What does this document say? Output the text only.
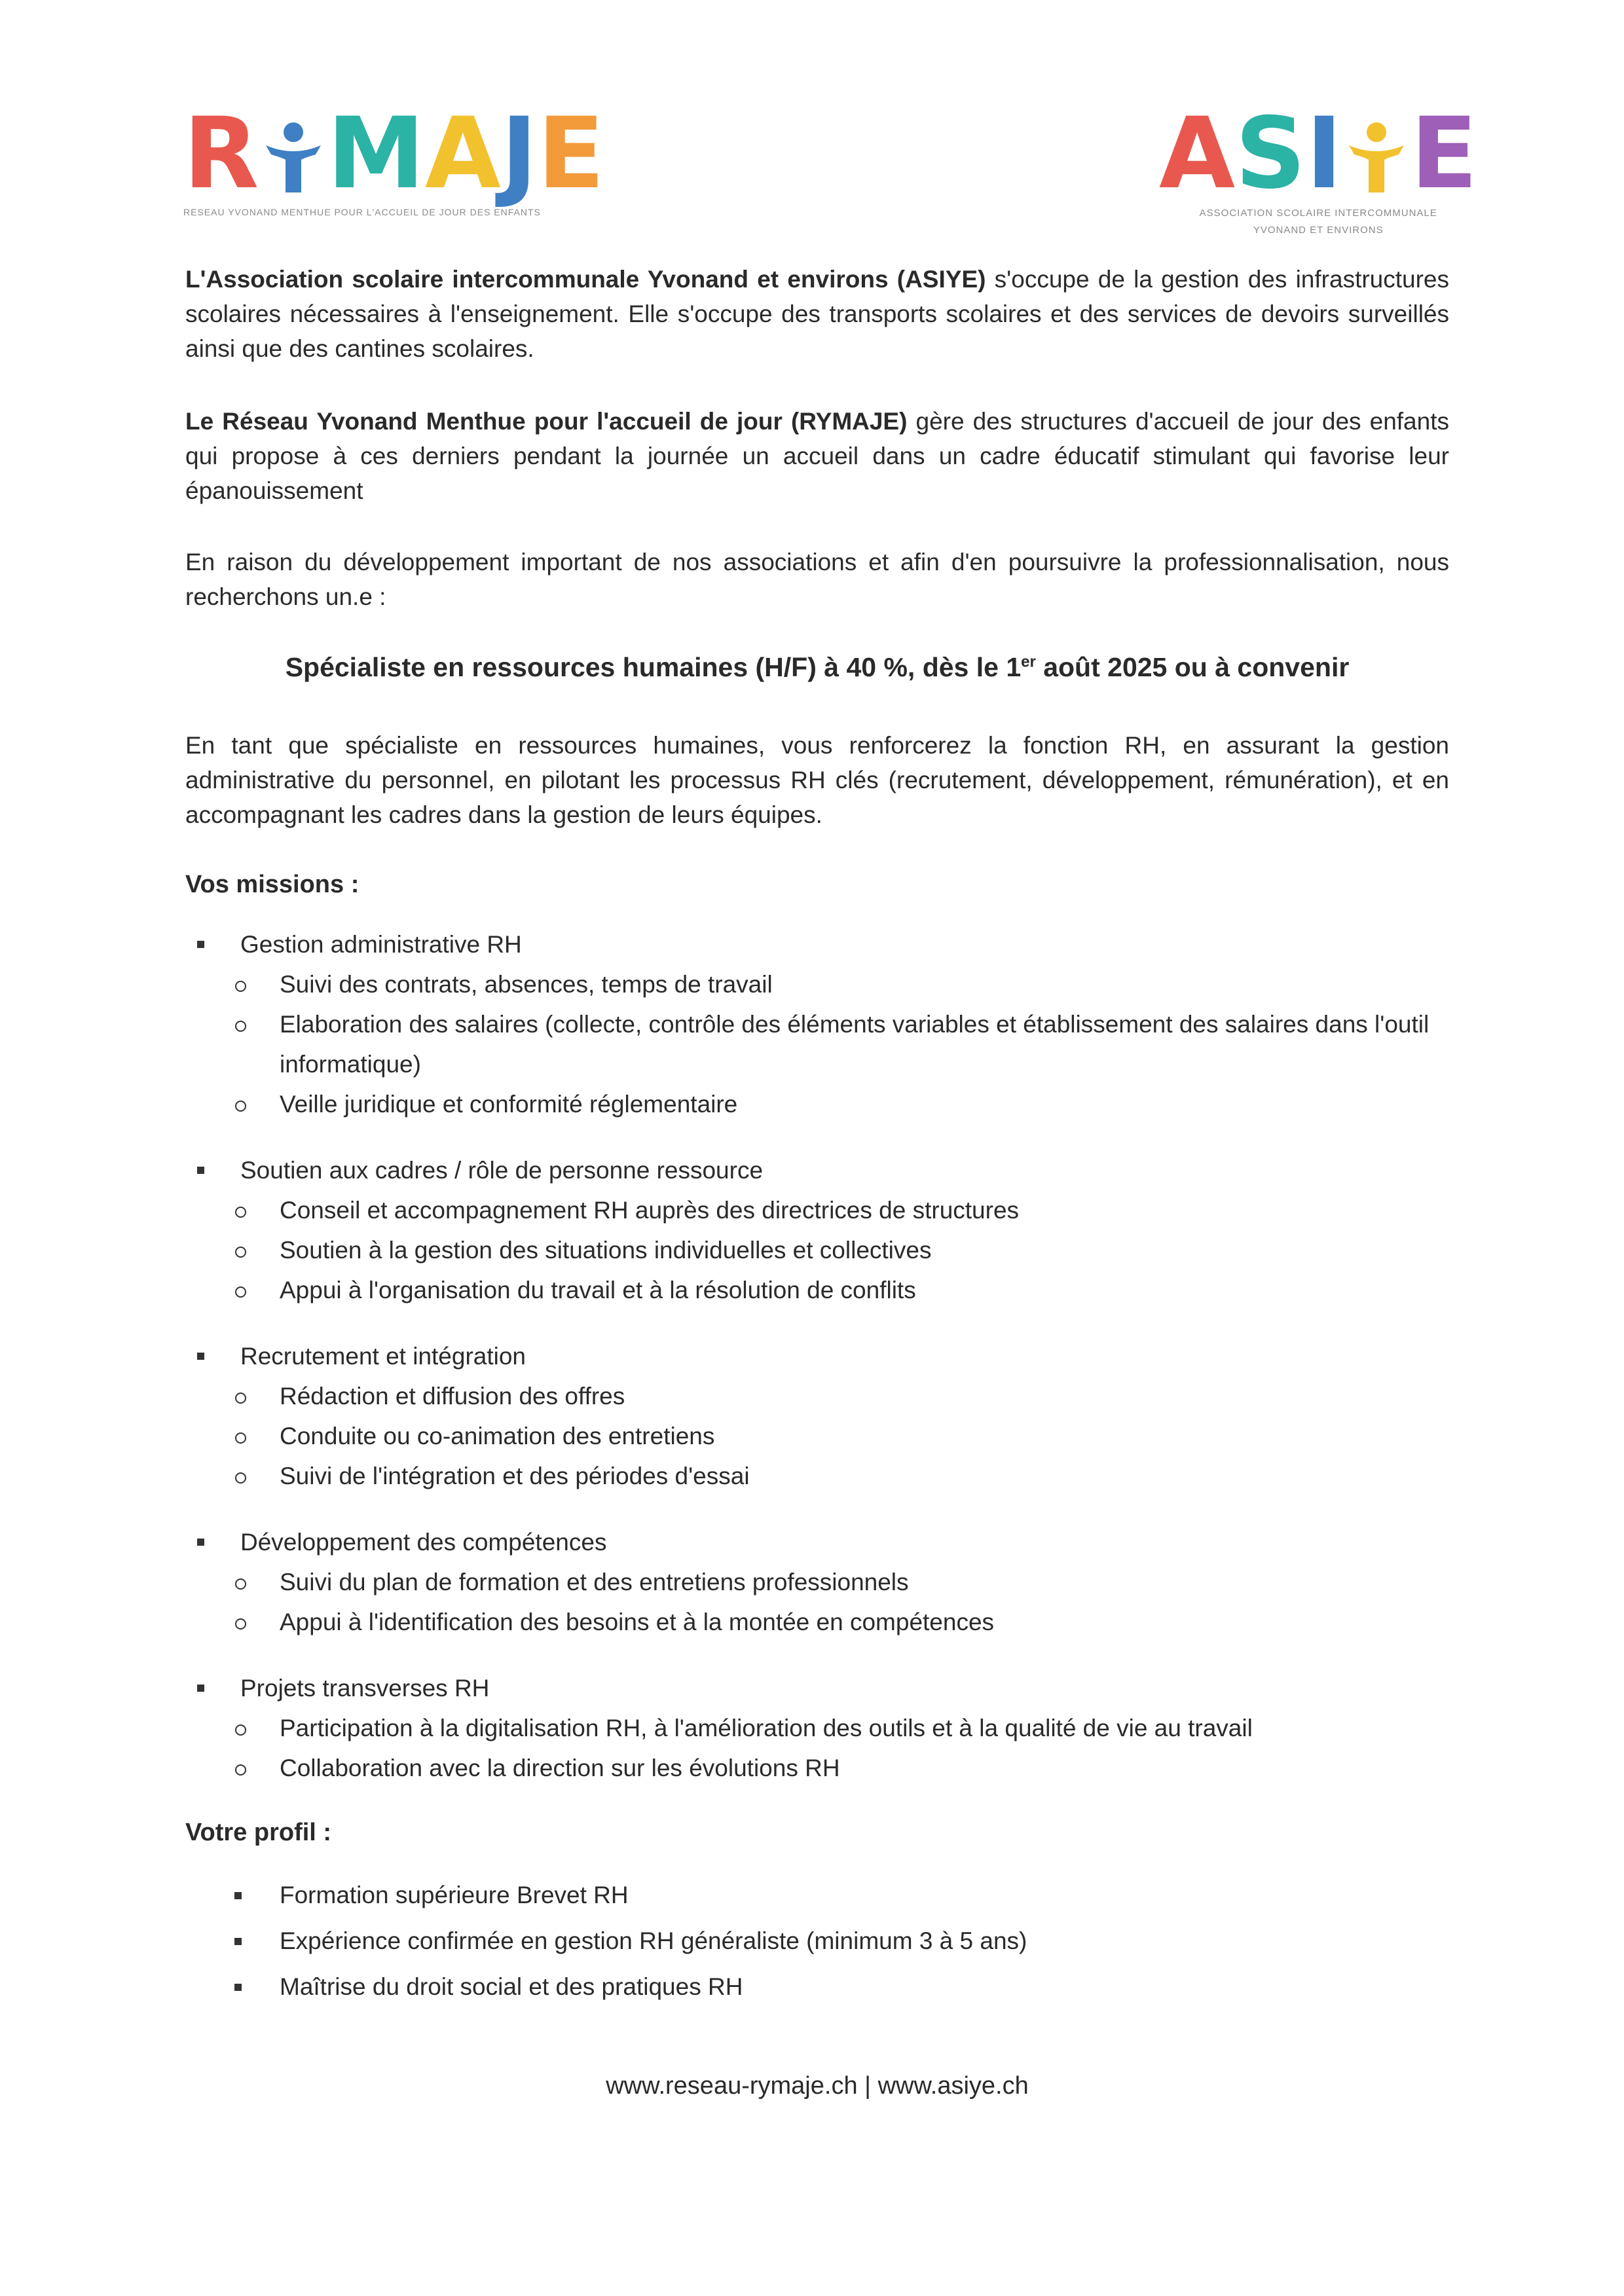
R M A J E
RESEAU YVONAND MENTHUE POUR L'ACCUEIL DE JOUR DES ENFANTS
A S I E
ASSOCIATION SCOLAIRE INTERCOMMUNALE
YVONAND ET ENVIRONS

L'Association scolaire intercommunale Yvonand et environs (ASIYE) s'occupe de la gestion des infrastructures scolaires nécessaires à l'enseignement. Elle s'occupe des transports scolaires et des services de devoirs surveillés ainsi que des cantines scolaires.

Le Réseau Yvonand Menthue pour l'accueil de jour (RYMAJE) gère des structures d'accueil de jour des enfants qui propose à ces derniers pendant la journée un accueil dans un cadre éducatif stimulant qui favorise leur épanouissement

En raison du développement important de nos associations et afin d'en poursuivre la professionnalisation, nous recherchons un.e :

Spécialiste en ressources humaines (H/F) à 40 %, dès le 1er août 2025 ou à convenir

En tant que spécialiste en ressources humaines, vous renforcerez la fonction RH, en assurant la gestion administrative du personnel, en pilotant les processus RH clés (recrutement, développement, rémunération), et en accompagnant les cadres dans la gestion de leurs équipes.

Vos missions :
Gestion administrative RH
Suivi des contrats, absences, temps de travail
Elaboration des salaires (collecte, contrôle des éléments variables et établissement des salaires dans l'outil informatique)
Veille juridique et conformité réglementaire
Soutien aux cadres / rôle de personne ressource
Conseil et accompagnement RH auprès des directrices de structures
Soutien à la gestion des situations individuelles et collectives
Appui à l'organisation du travail et à la résolution de conflits
Recrutement et intégration
Rédaction et diffusion des offres
Conduite ou co-animation des entretiens
Suivi de l'intégration et des périodes d'essai
Développement des compétences
Suivi du plan de formation et des entretiens professionnels
Appui à l'identification des besoins et à la montée en compétences
Projets transverses RH
Participation à la digitalisation RH, à l'amélioration des outils et à la qualité de vie au travail
Collaboration avec la direction sur les évolutions RH
Votre profil :
Formation supérieure Brevet RH
Expérience confirmée en gestion RH généraliste (minimum 3 à 5 ans)
Maîtrise du droit social et des pratiques RH
www.reseau-rymaje.ch | www.asiye.ch
